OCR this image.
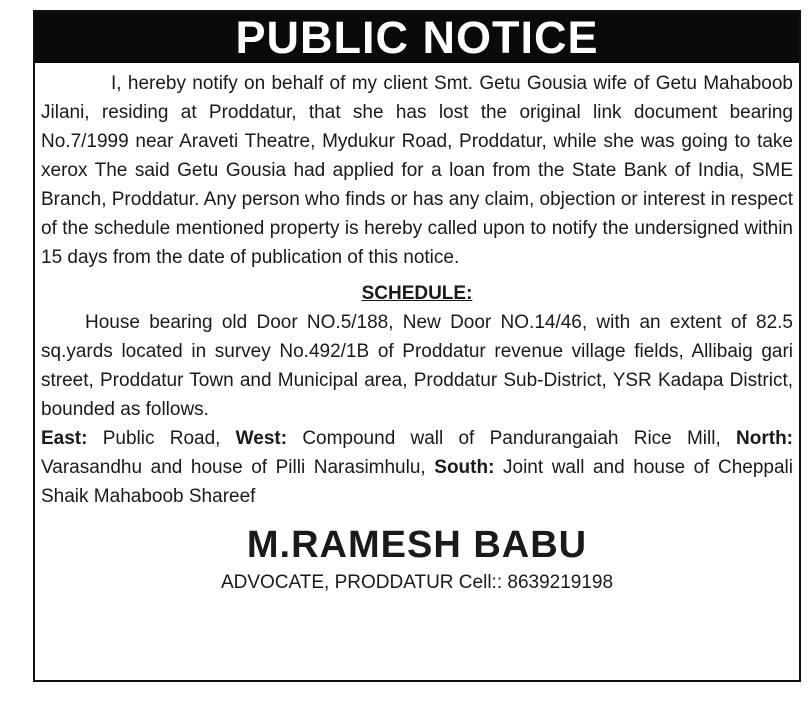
PUBLIC NOTICE

I, hereby notify on behalf of my client Smt. Getu Gousia wife of Getu Mahaboob Jilani, residing at Proddatur, that she has lost the original link document bearing No.7/1999 near Araveti Theatre, Mydukur Road, Proddatur, while she was going to take xerox The said Getu Gousia had applied for a loan from the State Bank of India, SME Branch, Proddatur. Any person who finds or has any claim, objection or interest in respect of the schedule mentioned property is hereby called upon to notify the undersigned within 15 days from the date of publication of this notice.

SCHEDULE:

House bearing old Door NO.5/188, New Door NO.14/46, with an extent of 82.5 sq.yards located in survey No.492/1B of Proddatur revenue village fields, Allibaig gari street, Proddatur Town and Municipal area, Proddatur Sub-District, YSR Kadapa District, bounded as follows.

East: Public Road, West: Compound wall of Pandurangaiah Rice Mill, North: Varasandhu and house of Pilli Narasimhulu, South: Joint wall and house of Cheppali Shaik Mahaboob Shareef

M.RAMESH BABU

ADVOCATE, PRODDATUR Cell:: 8639219198
